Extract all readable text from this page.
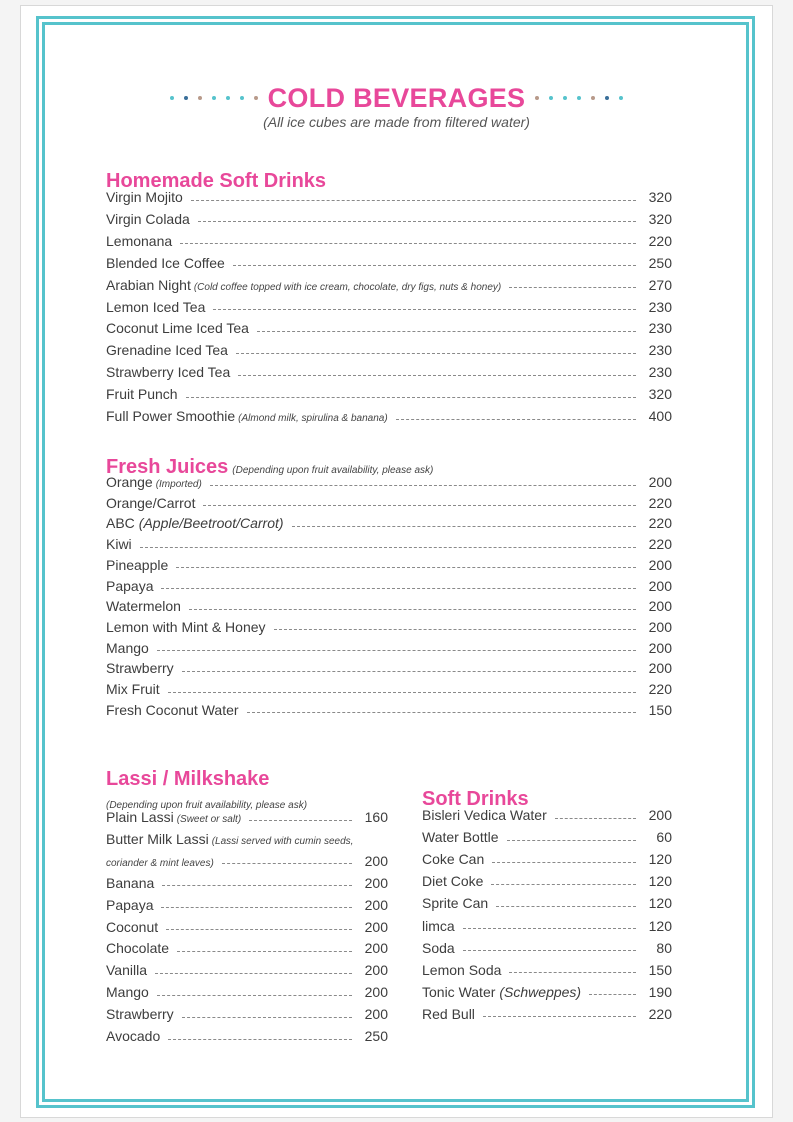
COLD BEVERAGES
(All ice cubes are made from filtered water)
Homemade Soft Drinks
Virgin Mojito	320
Virgin Colada	320
Lemonana	220
Blended Ice Coffee	250
Arabian Night (Cold coffee topped with ice cream, chocolate, dry figs, nuts & honey)	270
Lemon Iced Tea	230
Coconut Lime Iced Tea	230
Grenadine Iced Tea	230
Strawberry Iced Tea	230
Fruit Punch	320
Full Power Smoothie (Almond milk, spirulina & banana)	400
Fresh Juices (Depending upon fruit availability, please ask)
Orange (Imported)	200
Orange/Carrot	220
ABC (Apple/Beetroot/Carrot)	220
Kiwi	220
Pineapple	200
Papaya	200
Watermelon	200
Lemon with Mint & Honey	200
Mango	200
Strawberry	200
Mix Fruit	220
Fresh Coconut Water	150
Lassi / Milkshake
(Depending upon fruit availability, please ask)
Plain Lassi (Sweet or salt)	160
Butter Milk Lassi (Lassi served with cumin seeds,
coriander & mint leaves)	200
Banana	200
Papaya	200
Coconut	200
Chocolate	200
Vanilla	200
Mango	200
Strawberry	200
Avocado	250
Soft Drinks
Bisleri Vedica Water	200
Water Bottle	60
Coke Can	120
Diet Coke	120
Sprite Can	120
limca	120
Soda	80
Lemon Soda	150
Tonic Water (Schweppes)	190
Red Bull	220
